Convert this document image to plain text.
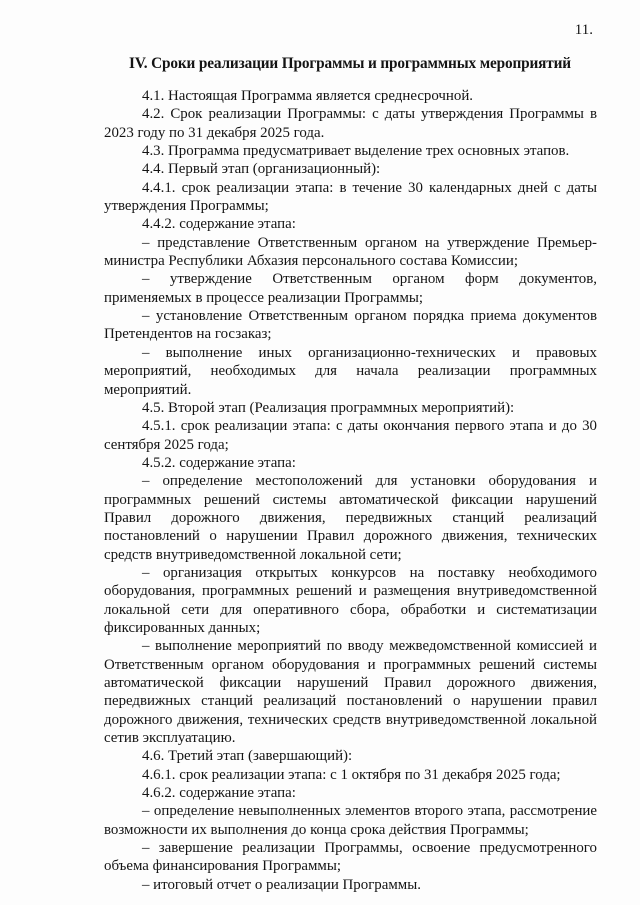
11.
IV. Сроки реализации Программы и программных мероприятий

4.1. Настоящая Программа является среднесрочной.

4.2. Срок реализации Программы: с даты утверждения Программы в 2023 году по 31 декабря 2025 года.

4.3. Программа предусматривает выделение трех основных этапов.

4.4. Первый этап (организационный):

4.4.1. срок реализации этапа: в течение 30 календарных дней с даты утверждения Программы;

4.4.2. содержание этапа:

– представление Ответственным органом на утверждение Премьер-министра Республики Абхазия персонального состава Комиссии;

– утверждение Ответственным органом форм документов, применяемых в процессе реализации Программы;

– установление Ответственным органом порядка приема документов Претендентов на госзаказ;

– выполнение иных организационно-технических и правовых мероприятий, необходимых для начала реализации программных мероприятий.

4.5. Второй этап (Реализация программных мероприятий):

4.5.1. срок реализации этапа: с даты окончания первого этапа и до 30 сентября 2025 года;

4.5.2. содержание этапа:

– определение местоположений для установки оборудования и программных решений системы автоматической фиксации нарушений Правил дорожного движения, передвижных станций реализаций постановлений о нарушении Правил дорожного движения, технических средств внутриведомственной локальной сети;

– организация открытых конкурсов на поставку необходимого оборудования, программных решений и размещения внутриведомственной локальной сети для оперативного сбора, обработки и систематизации фиксированных данных;

– выполнение мероприятий по вводу межведомственной комиссией и Ответственным органом оборудования и программных решений системы автоматической фиксации нарушений Правил дорожного движения, передвижных станций реализаций постановлений о нарушении правил дорожного движения, технических средств внутриведомственной локальной сетив эксплуатацию.

4.6. Третий этап (завершающий):

4.6.1. срок реализации этапа: с 1 октября по 31 декабря 2025 года;

4.6.2. содержание этапа:

– определение невыполненных элементов второго этапа, рассмотрение возможности их выполнения до конца срока действия Программы;

– завершение реализации Программы, освоение предусмотренного объема финансирования Программы;

– итоговый отчет о реализации Программы.
